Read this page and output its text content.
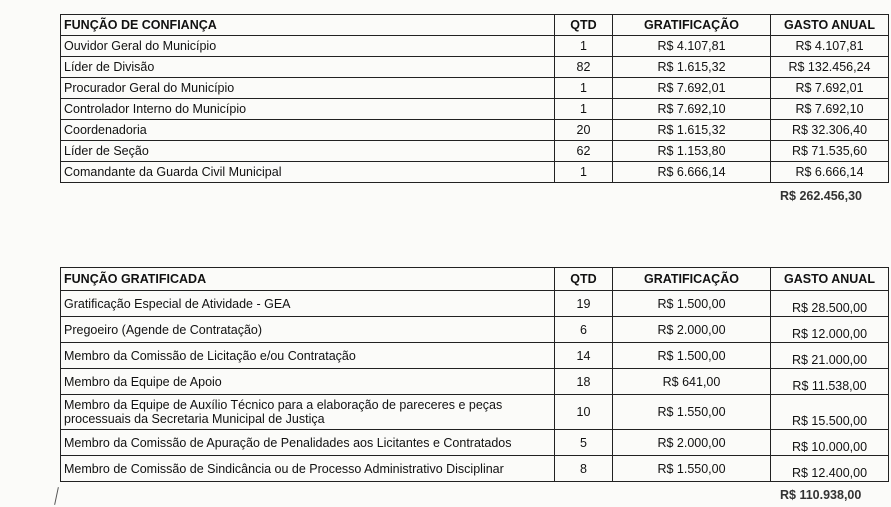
FUNÇÃO DE CONFIANÇA	QTD	GRATIFICAÇÃO	GASTO ANUAL
Ouvidor Geral do Município	1	R$ 4.107,81	R$ 4.107,81
Líder de Divisão	82	R$ 1.615,32	R$ 132.456,24
Procurador Geral do Município	1	R$ 7.692,01	R$ 7.692,01
Controlador Interno do Município	1	R$ 7.692,10	R$ 7.692,10
Coordenadoria	20	R$ 1.615,32	R$ 32.306,40
Líder de Seção	62	R$ 1.153,80	R$ 71.535,60
Comandante da Guarda Civil Municipal	1	R$ 6.666,14	R$ 6.666,14
R$ 262.456,30
FUNÇÃO GRATIFICADA	QTD	GRATIFICAÇÃO	GASTO ANUAL
Gratificação Especial de Atividade - GEA	19	R$ 1.500,00	R$ 28.500,00
Pregoeiro (Agende de Contratação)	6	R$ 2.000,00	R$ 12.000,00
Membro da Comissão de Licitação e/ou Contratação	14	R$ 1.500,00	R$ 21.000,00
Membro da Equipe de Apoio	18	R$ 641,00	R$ 11.538,00
Membro da Equipe de Auxílio Técnico para a elaboração de pareceres e peças processuais da Secretaria Municipal de Justiça	10	R$ 1.550,00	R$ 15.500,00
Membro da Comissão de Apuração de Penalidades aos Licitantes e Contratados	5	R$ 2.000,00	R$ 10.000,00
Membro de Comissão de Sindicância ou de Processo Administrativo Disciplinar	8	R$ 1.550,00	R$ 12.400,00
R$ 110.938,00
